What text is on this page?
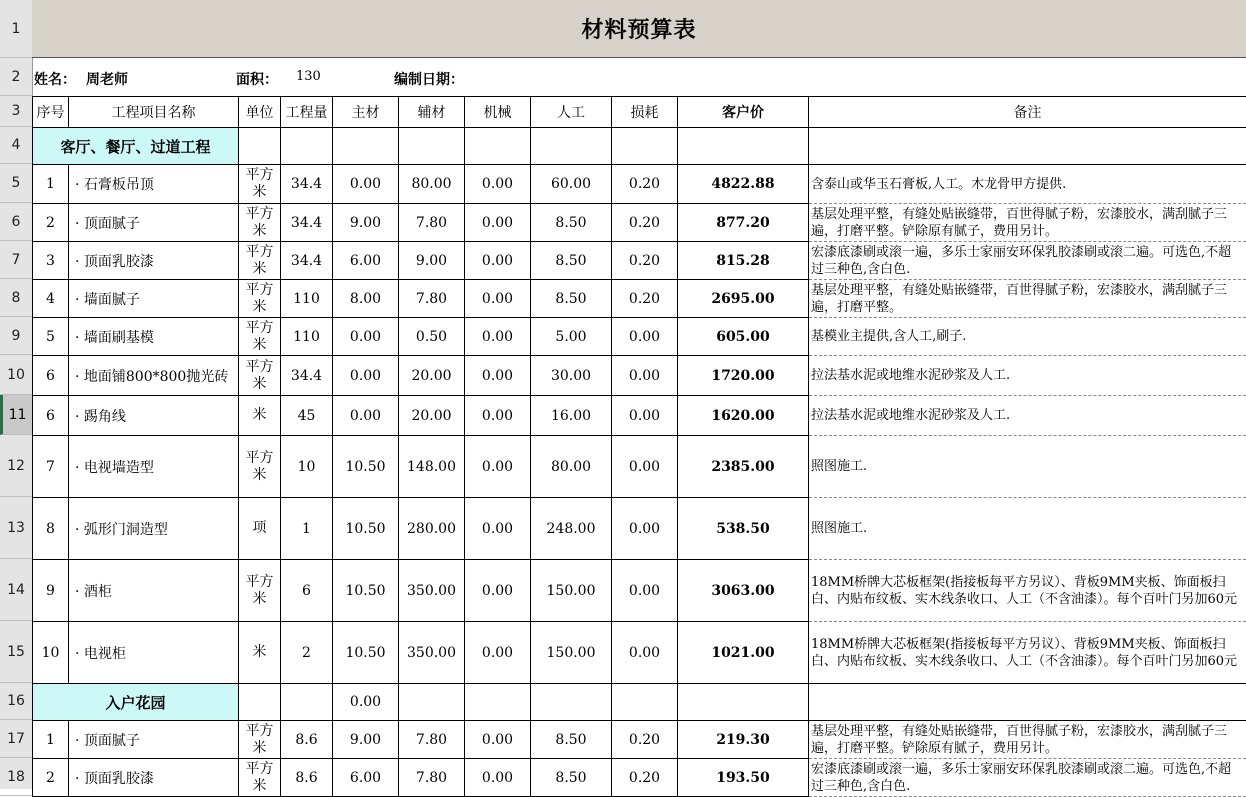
1
2
3
4
5
6
7
8
9
10
11
12
13
14
15
16
17
18
材料预算表
姓名： 周老师	面积： 130	编制日期：
序号	工程项目名称	单位	工程量	主材	辅材	机械	人工	损耗	客户价	备注
客厅、餐厅、过道工程										
1	· 石膏板吊顶	平方米	34.4	0.00	80.00	0.00	60.00	0.20	4822.88	含泰山或华玉石膏板,人工。木龙骨甲方提供.
2	· 顶面腻子	平方米	34.4	9.00	7.80	0.00	8.50	0.20	877.20	基层处理平整，有缝处贴嵌缝带，百世得腻子粉，宏漆胶水，满刮腻子三遍，打磨平整。铲除原有腻子，费用另计。
3	· 顶面乳胶漆	平方米	34.4	6.00	9.00	0.00	8.50	0.20	815.28	宏漆底漆刷或滚一遍，多乐士家丽安环保乳胶漆刷或滚二遍。可选色,不超过三种色,含白色.
4	· 墙面腻子	平方米	110	8.00	7.80	0.00	8.50	0.20	2695.00	基层处理平整，有缝处贴嵌缝带，百世得腻子粉，宏漆胶水，满刮腻子三遍，打磨平整。
5	· 墙面刷基模	平方米	110	0.00	0.50	0.00	5.00	0.00	605.00	基模业主提供,含人工,刷子.
6	· 地面铺800*800抛光砖	平方米	34.4	0.00	20.00	0.00	30.00	0.00	1720.00	拉法基水泥或地维水泥砂浆及人工.
6	· 踢角线	米	45	0.00	20.00	0.00	16.00	0.00	1620.00	拉法基水泥或地维水泥砂浆及人工.
7	· 电视墙造型	平方米	10	10.50	148.00	0.00	80.00	0.00	2385.00	照图施工.
8	· 弧形门洞造型	项	1	10.50	280.00	0.00	248.00	0.00	538.50	照图施工.
9	· 酒柜	平方米	6	10.50	350.00	0.00	150.00	0.00	3063.00	18MM桥牌大芯板框架(指接板每平方另议）、背板9MM夹板、饰面板扫白、内贴布纹板、实木线条收口、人工（不含油漆）。每个百叶门另加60元
10	· 电视柜	米	2	10.50	350.00	0.00	150.00	0.00	1021.00	18MM桥牌大芯板框架(指接板每平方另议）、背板9MM夹板、饰面板扫白、内贴布纹板、实木线条收口、人工（不含油漆）。每个百叶门另加60元
入户花园				0.00						
1	· 顶面腻子	平方米	8.6	9.00	7.80	0.00	8.50	0.20	219.30	基层处理平整，有缝处贴嵌缝带，百世得腻子粉，宏漆胶水，满刮腻子三遍，打磨平整。铲除原有腻子，费用另计。
2	· 顶面乳胶漆	平方米	8.6	6.00	7.80	0.00	8.50	0.20	193.50	宏漆底漆刷或滚一遍，多乐士家丽安环保乳胶漆刷或滚二遍。可选色,不超过三种色,含白色.
